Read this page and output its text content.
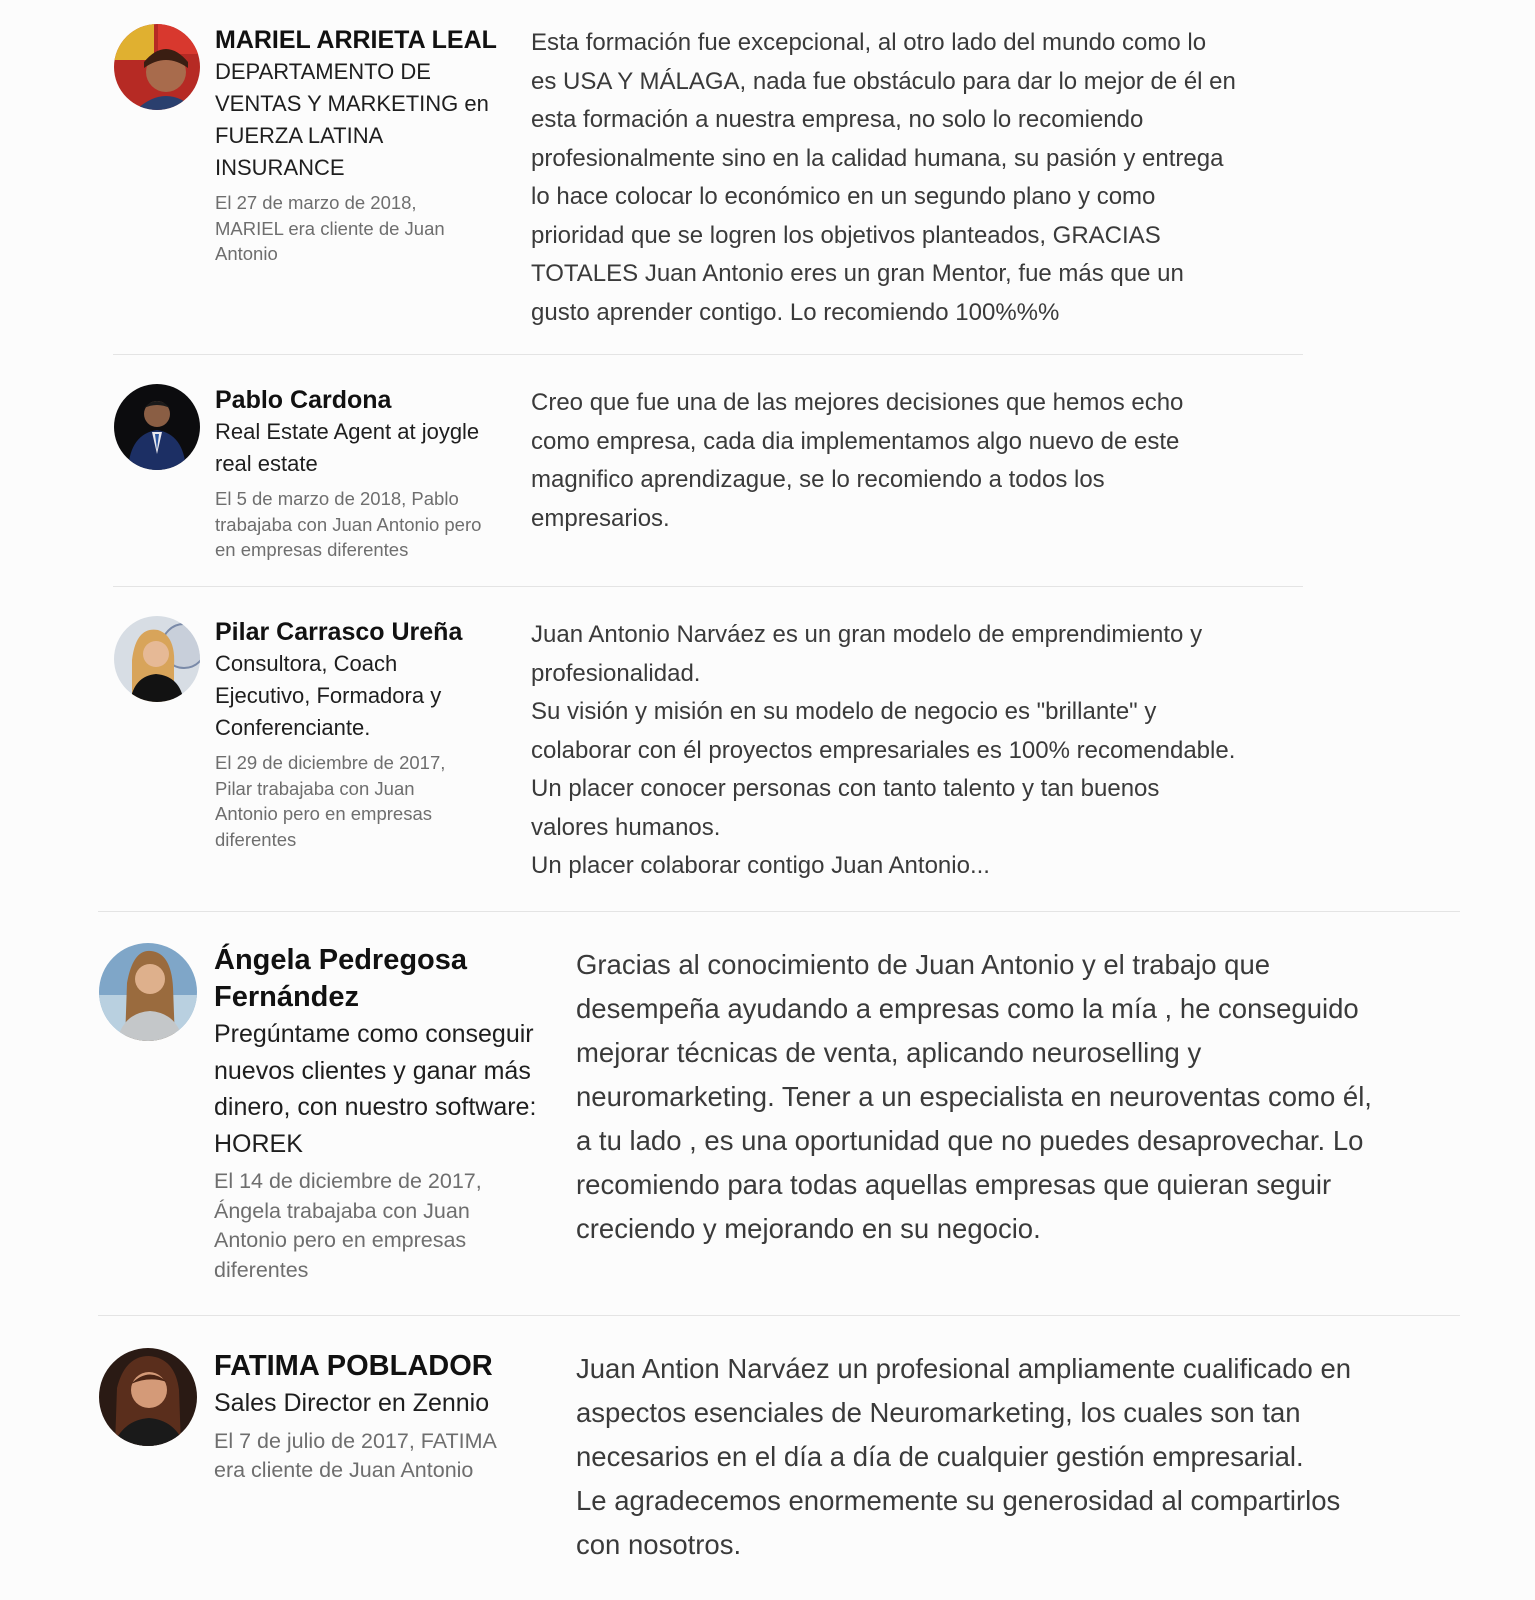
MARIEL ARRIETA LEAL

DEPARTAMENTO DE VENTAS Y MARKETING en FUERZA LATINA INSURANCE

El 27 de marzo de 2018, MARIEL era cliente de Juan Antonio

Esta formación fue excepcional, al otro lado del mundo como lo
es USA Y MÁLAGA, nada fue obstáculo para dar lo mejor de él en
esta formación a nuestra empresa, no solo lo recomiendo
profesionalmente sino en la calidad humana, su pasión y entrega
lo hace colocar lo económico en un segundo plano y como
prioridad que se logren los objetivos planteados, GRACIAS
TOTALES Juan Antonio eres un gran Mentor, fue más que un
gusto aprender contigo. Lo recomiendo 100%%%

Pablo Cardona

Real Estate Agent at joygle real estate

El 5 de marzo de 2018, Pablo trabajaba con Juan Antonio pero en empresas diferentes

Creo que fue una de las mejores decisiones que hemos echo
como empresa, cada dia implementamos algo nuevo de este
magnifico aprendizague, se lo recomiendo a todos los
empresarios.

Pilar Carrasco Ureña

Consultora, Coach Ejecutivo, Formadora y Conferenciante.

El 29 de diciembre de 2017, Pilar trabajaba con Juan Antonio pero en empresas diferentes

Juan Antonio Narváez es un gran modelo de emprendimiento y
profesionalidad.
Su visión y misión en su modelo de negocio es "brillante" y
colaborar con él proyectos empresariales es 100% recomendable.
Un placer conocer personas con tanto talento y tan buenos
valores humanos.
Un placer colaborar contigo Juan Antonio...

Ángela Pedregosa Fernández

Pregúntame como conseguir nuevos clientes y ganar más dinero, con nuestro software: HOREK

El 14 de diciembre de 2017, Ángela trabajaba con Juan Antonio pero en empresas diferentes

Gracias al conocimiento de Juan Antonio y el trabajo que
desempeña ayudando a empresas como la mía , he conseguido
mejorar técnicas de venta, aplicando neuroselling y
neuromarketing. Tener a un especialista en neuroventas como él,
a tu lado , es una oportunidad que no puedes desaprovechar. Lo
recomiendo para todas aquellas empresas que quieran seguir
creciendo y mejorando en su negocio.

FATIMA POBLADOR

Sales Director en Zennio

El 7 de julio de 2017, FATIMA era cliente de Juan Antonio

Juan Antion Narváez un profesional ampliamente cualificado en
aspectos esenciales de Neuromarketing, los cuales son tan
necesarios en el día a día de cualquier gestión empresarial.
Le agradecemos enormemente su generosidad al compartirlos
con nosotros.
